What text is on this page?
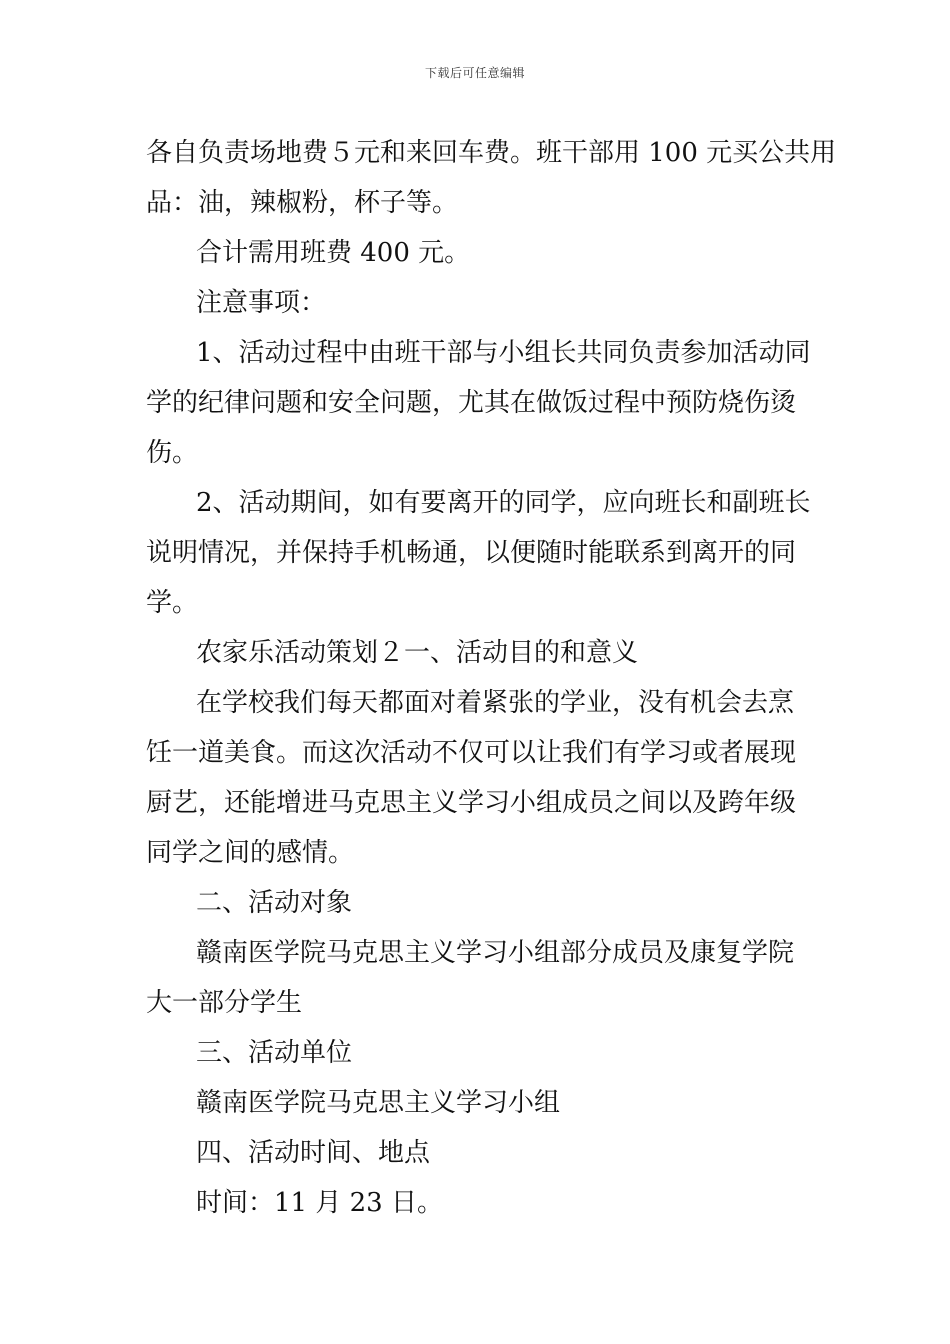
下载后可任意编辑

各自负责场地费５元和来回车费。班干部用 100 元买公共用

品：油，辣椒粉，杯子等。

合计需用班费 400 元。

注意事项：

1、活动过程中由班干部与小组长共同负责参加活动同

学的纪律问题和安全问题，尤其在做饭过程中预防烧伤烫

伤。

2、活动期间，如有要离开的同学，应向班长和副班长

说明情况，并保持手机畅通，以便随时能联系到离开的同

学。

农家乐活动策划２一、活动目的和意义

在学校我们每天都面对着紧张的学业，没有机会去烹

饪一道美食。而这次活动不仅可以让我们有学习或者展现

厨艺，还能增进马克思主义学习小组成员之间以及跨年级

同学之间的感情。

二、活动对象

赣南医学院马克思主义学习小组部分成员及康复学院

大一部分学生

三、活动单位

赣南医学院马克思主义学习小组

四、活动时间、地点

时间：11 月 23 日。
